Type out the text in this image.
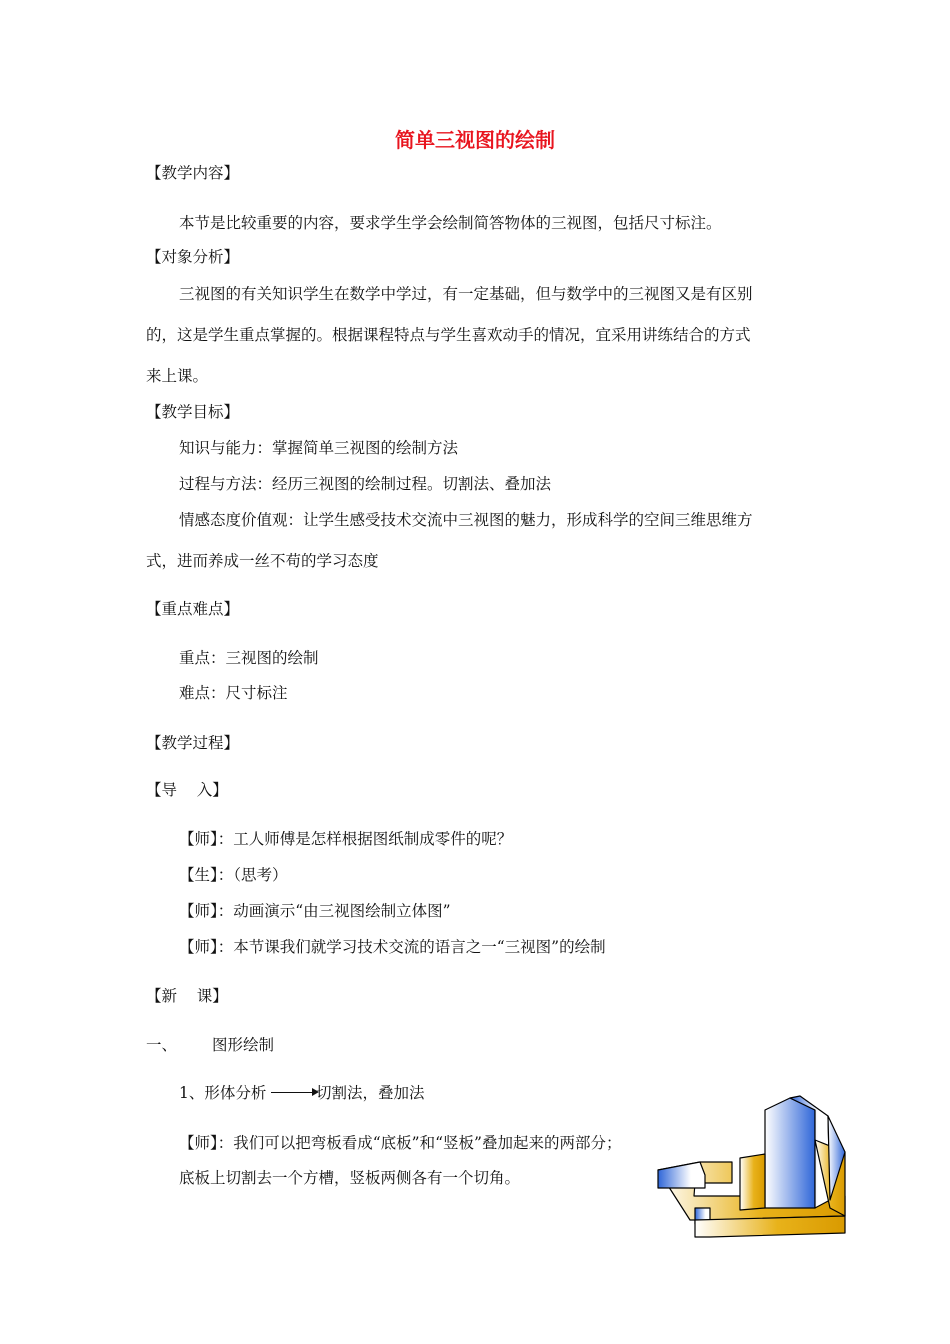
简单三视图的绘制
【教学内容】
本节是比较重要的内容，要求学生学会绘制简答物体的三视图，包括尺寸标注。
【对象分析】
三视图的有关知识学生在数学中学过，有一定基础，但与数学中的三视图又是有区别
的，这是学生重点掌握的。根据课程特点与学生喜欢动手的情况，宜采用讲练结合的方式
来上课。
【教学目标】
知识与能力：掌握简单三视图的绘制方法
过程与方法：经历三视图的绘制过程。切割法、叠加法
情感态度价值观：让学生感受技术交流中三视图的魅力，形成科学的空间三维思维方
式，进而养成一丝不苟的学习态度
【重点难点】
重点：三视图的绘制
难点：尺寸标注
【教学过程】
【导    入】
【师】：工人师傅是怎样根据图纸制成零件的呢？
【生】：（思考）
【师】：动画演示“由三视图绘制立体图”
【师】：本节课我们就学习技术交流的语言之一“三视图”的绘制
【新    课】
一、 图形绘制
1、形体分析	切割法，叠加法
【师】：我们可以把弯板看成“底板”和“竖板”叠加起来的两部分；
底板上切割去一个方槽，竖板两侧各有一个切角。
